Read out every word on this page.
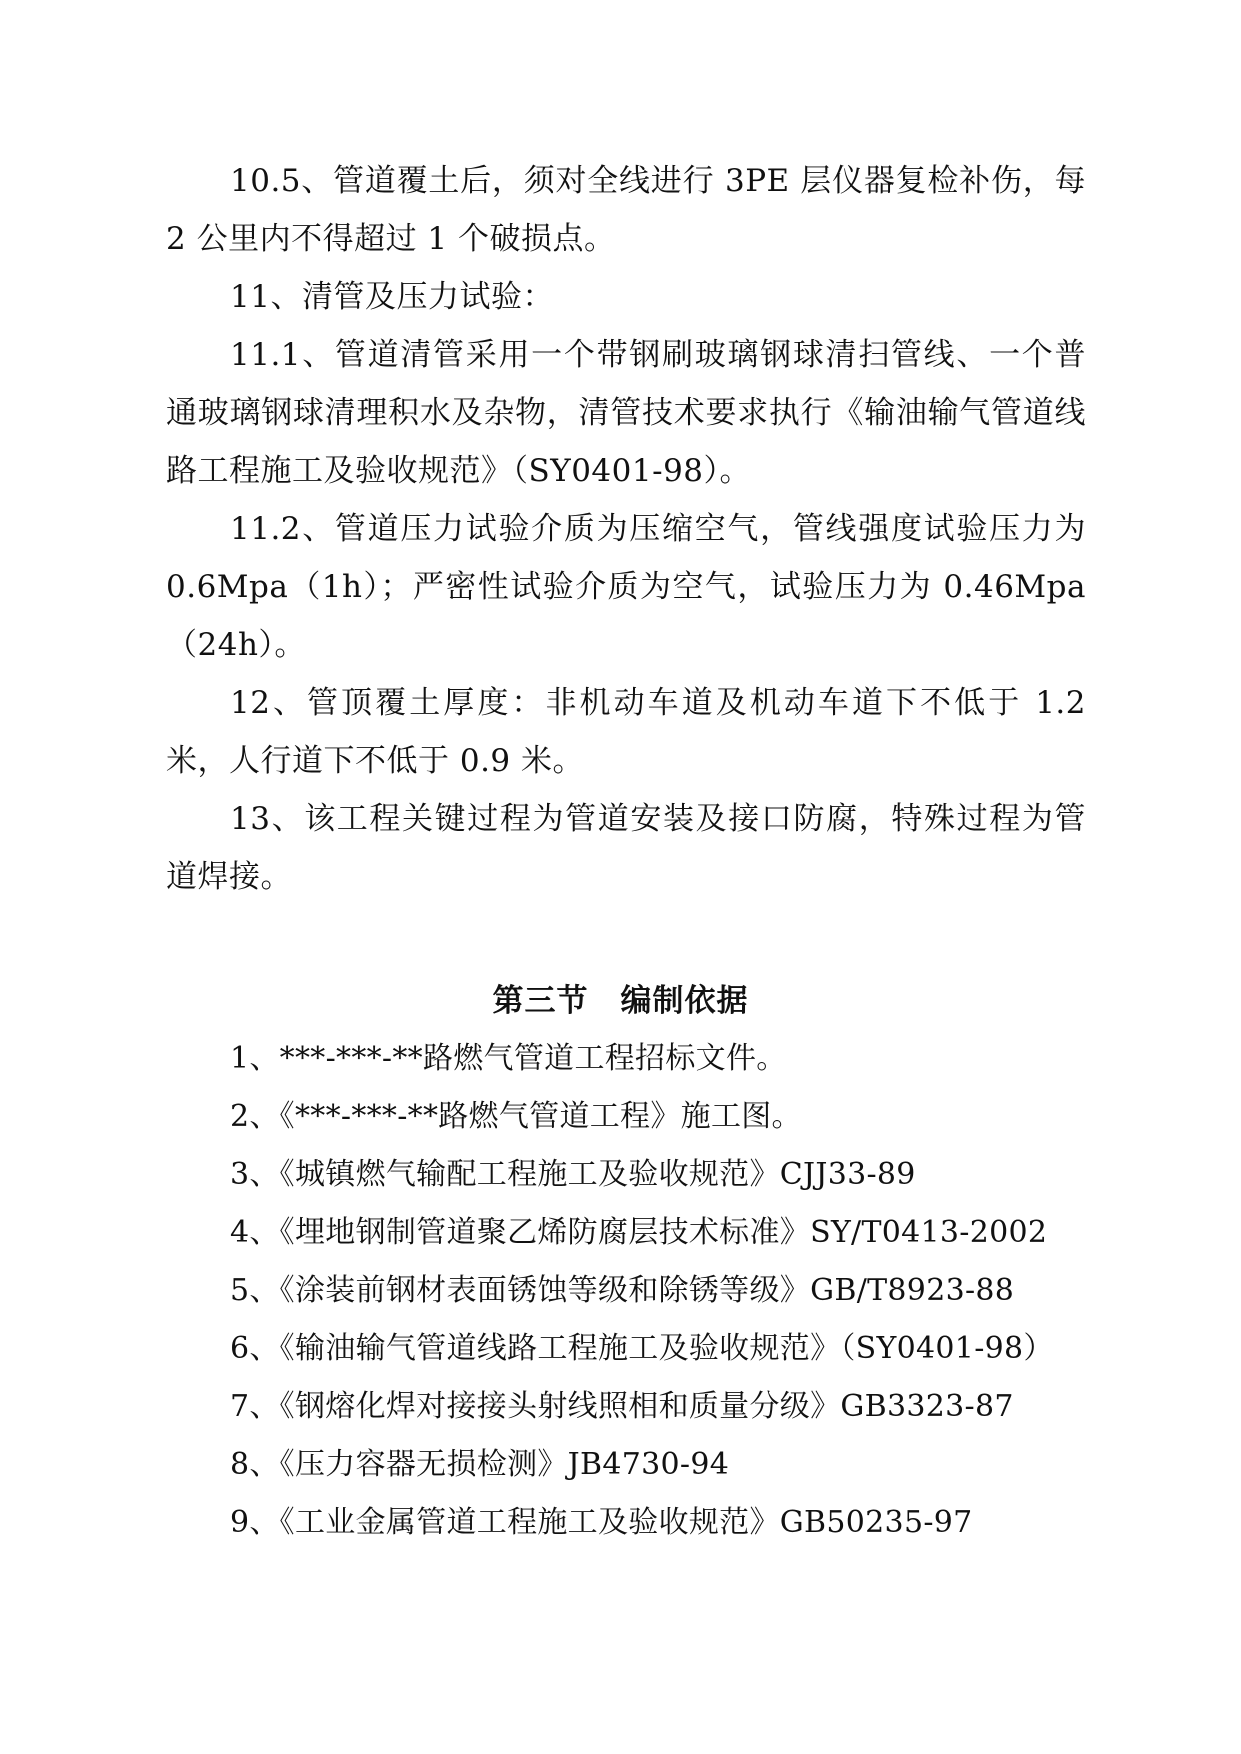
10.5、管道覆土后，须对全线进行 3PE 层仪器复检补伤，每 2 公里内不得超过 1 个破损点。

11、清管及压力试验：

11.1、管道清管采用一个带钢刷玻璃钢球清扫管线、一个普通玻璃钢球清理积水及杂物，清管技术要求执行《输油输气管道线路工程施工及验收规范》（SY0401-98）。

11.2、管道压力试验介质为压缩空气，管线强度试验压力为 0.6Mpa（1h）；严密性试验介质为空气，试验压力为 0.46Mpa（24h）。

12、管顶覆土厚度：非机动车道及机动车道下不低于 1.2 米，人行道下不低于 0.9 米。

13、该工程关键过程为管道安装及接口防腐，特殊过程为管道焊接。

第三节　编制依据
1、***-***-**路燃气管道工程招标文件。
2、《***-***-**路燃气管道工程》施工图。
3、《城镇燃气输配工程施工及验收规范》CJJ33-89
4、《埋地钢制管道聚乙烯防腐层技术标准》SY/T0413-2002
5、《涂装前钢材表面锈蚀等级和除锈等级》GB/T8923-88
6、《输油输气管道线路工程施工及验收规范》（SY0401-98）
7、《钢熔化焊对接接头射线照相和质量分级》GB3323-87
8、《压力容器无损检测》JB4730-94
9、《工业金属管道工程施工及验收规范》GB50235-97
